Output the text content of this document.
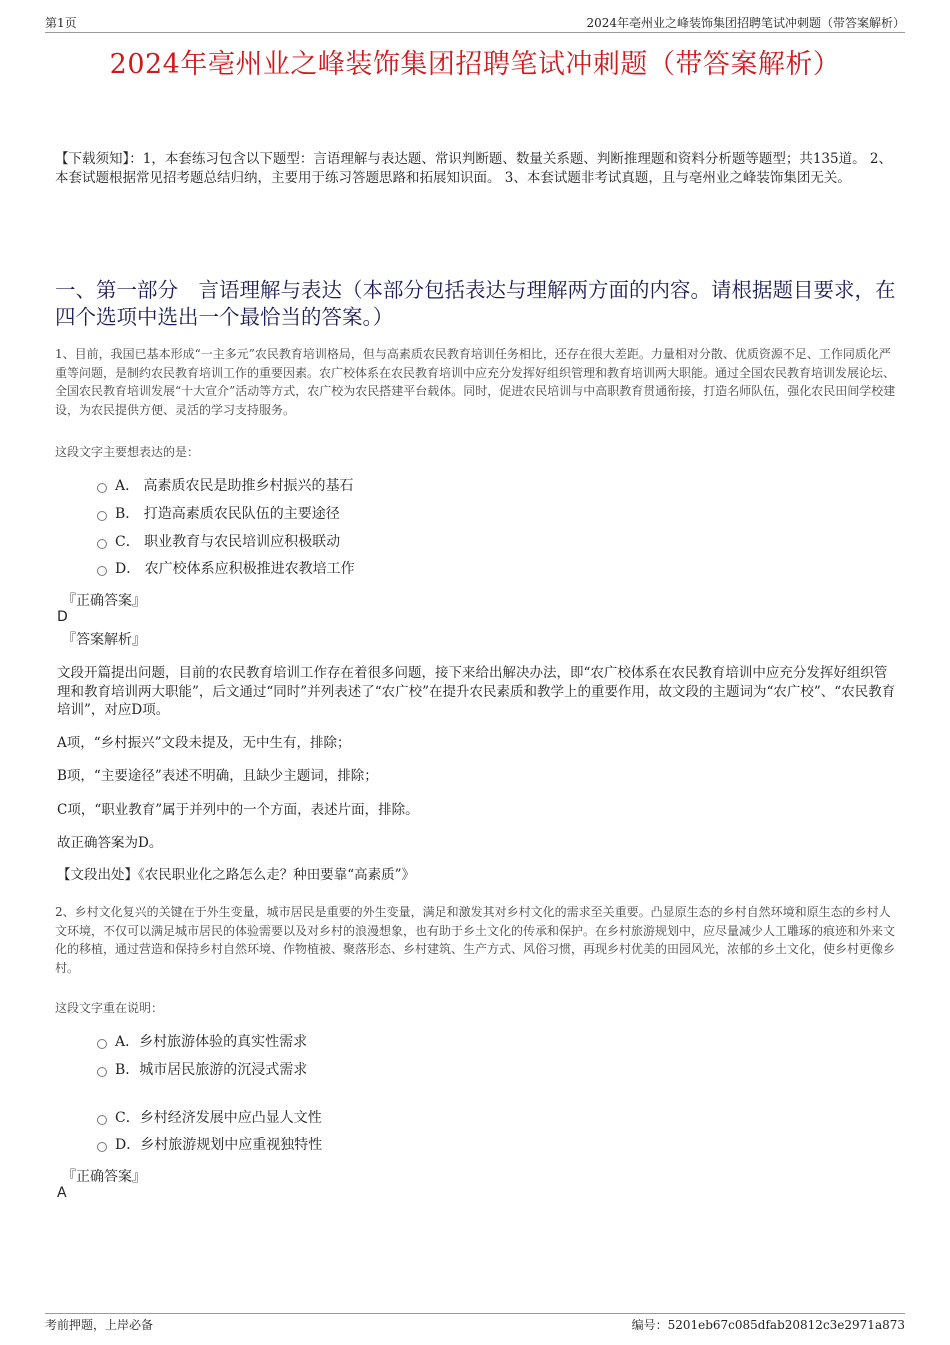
第1页	2024年亳州业之峰装饰集团招聘笔试冲刺题（带答案解析）
2024年亳州业之峰装饰集团招聘笔试冲刺题（带答案解析）
【下载须知】：1，本套练习包含以下题型：言语理解与表达题、常识判断题、数量关系题、判断推理题和资料分析题等题型；共135道。 2、本套试题根据常见招考题总结归纳，主要用于练习答题思路和拓展知识面。 3、本套试题非考试真题，且与亳州业之峰装饰集团无关。
一、第一部分　言语理解与表达（本部分包括表达与理解两方面的内容。请根据题目要求，在四个选项中选出一个最恰当的答案。）
1、目前，我国已基本形成“一主多元”农民教育培训格局，但与高素质农民教育培训任务相比，还存在很大差距。力量相对分散、优质资源不足、工作同质化严重等问题，是制约农民教育培训工作的重要因素。农广校体系在农民教育培训中应充分发挥好组织管理和教育培训两大职能。通过全国农民教育培训发展论坛、全国农民教育培训发展“十大宣介”活动等方式，农广校为农民搭建平台载体。同时，促进农民培训与中高职教育贯通衔接，打造名师队伍，强化农民田间学校建设，为农民提供方便、灵活的学习支持服务。
这段文字主要想表达的是：
A． 高素质农民是助推乡村振兴的基石
B． 打造高素质农民队伍的主要途径
C． 职业教育与农民培训应积极联动
D． 农广校体系应积极推进农教培工作
『正确答案』
D
『答案解析』
文段开篇提出问题，目前的农民教育培训工作存在着很多问题，接下来给出解决办法，即“农广校体系在农民教育培训中应充分发挥好组织管理和教育培训两大职能”，后文通过“同时”并列表述了“农广校”在提升农民素质和教学上的重要作用，故文段的主题词为“农广校”、“农民教育培训”，对应D项。
A项，“乡村振兴”文段未提及，无中生有，排除；
B项，“主要途径”表述不明确，且缺少主题词，排除；
C项，“职业教育”属于并列中的一个方面，表述片面，排除。
故正确答案为D。
【文段出处】《农民职业化之路怎么走？种田要靠“高素质”》
2、乡村文化复兴的关键在于外生变量，城市居民是重要的外生变量，满足和激发其对乡村文化的需求至关重要。凸显原生态的乡村自然环境和原生态的乡村人文环境，不仅可以满足城市居民的体验需要以及对乡村的浪漫想象，也有助于乡土文化的传承和保护。在乡村旅游规划中，应尽量减少人工雕琢的痕迹和外来文化的移植，通过营造和保持乡村自然环境、作物植被、聚落形态、乡村建筑、生产方式、风俗习惯，再现乡村优美的田园风光，浓郁的乡土文化，使乡村更像乡村。
这段文字重在说明：
A．乡村旅游体验的真实性需求
B．城市居民旅游的沉浸式需求
C．乡村经济发展中应凸显人文性
D．乡村旅游规划中应重视独特性
『正确答案』
A
考前押题，上岸必备	编号：5201eb67c085dfab20812c3e2971a873
